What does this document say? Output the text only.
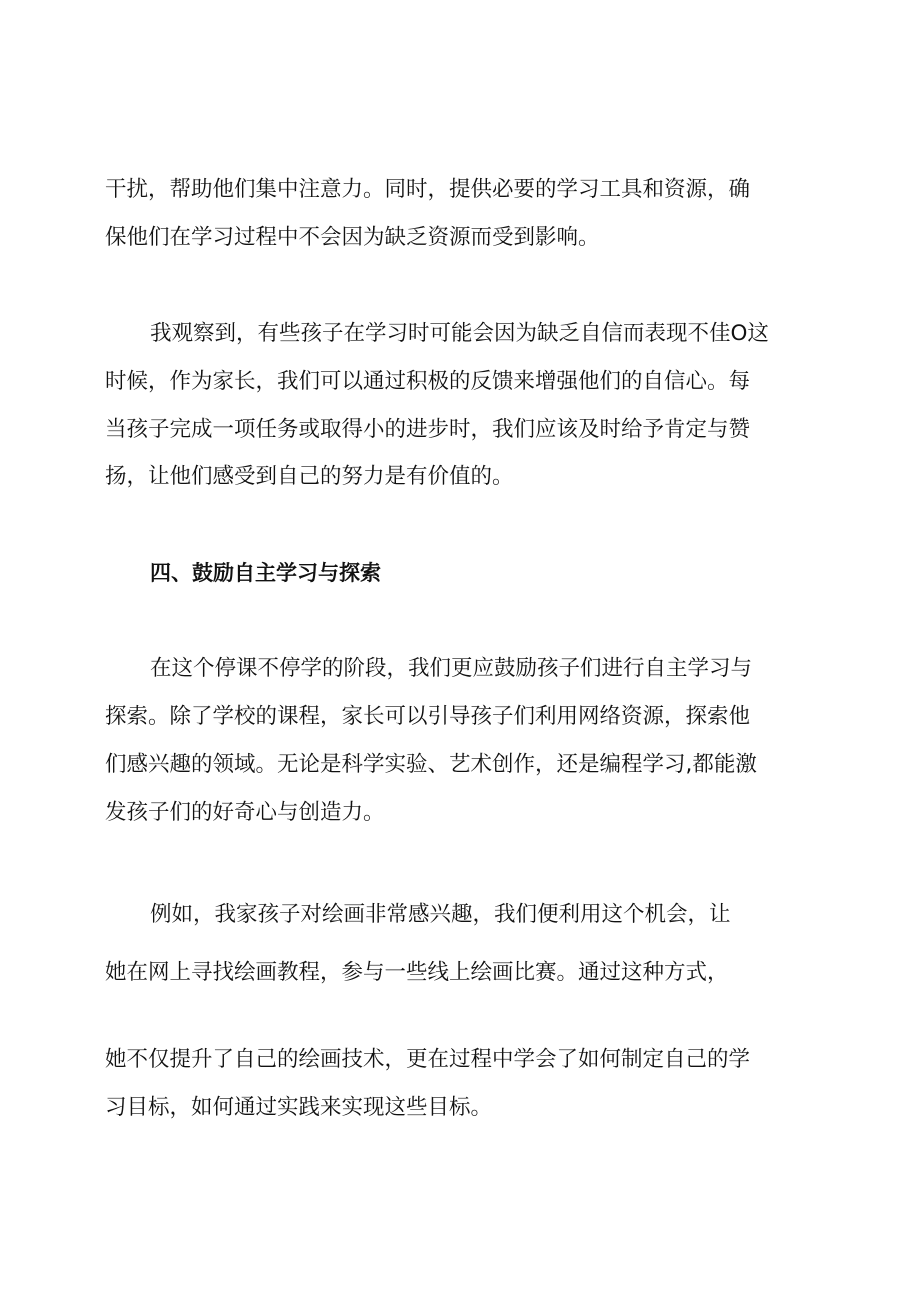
干扰，帮助他们集中注意力。同时，提供必要的学习工具和资源，确

保他们在学习过程中不会因为缺乏资源而受到影响。

我观察到，有些孩子在学习时可能会因为缺乏自信而表现不佳O这

时候，作为家长，我们可以通过积极的反馈来增强他们的自信心。每

当孩子完成一项任务或取得小的进步时，我们应该及时给予肯定与赞

扬，让他们感受到自己的努力是有价值的。

四、鼓励自主学习与探索

在这个停课不停学的阶段，我们更应鼓励孩子们进行自主学习与

探索。除了学校的课程，家长可以引导孩子们利用网络资源，探索他

们感兴趣的领域。无论是科学实验、艺术创作，还是编程学习,都能激

发孩子们的好奇心与创造力。

例如，我家孩子对绘画非常感兴趣，我们便利用这个机会，让

她在网上寻找绘画教程，参与一些线上绘画比赛。通过这种方式，

她不仅提升了自己的绘画技术，更在过程中学会了如何制定自己的学

习目标，如何通过实践来实现这些目标。
